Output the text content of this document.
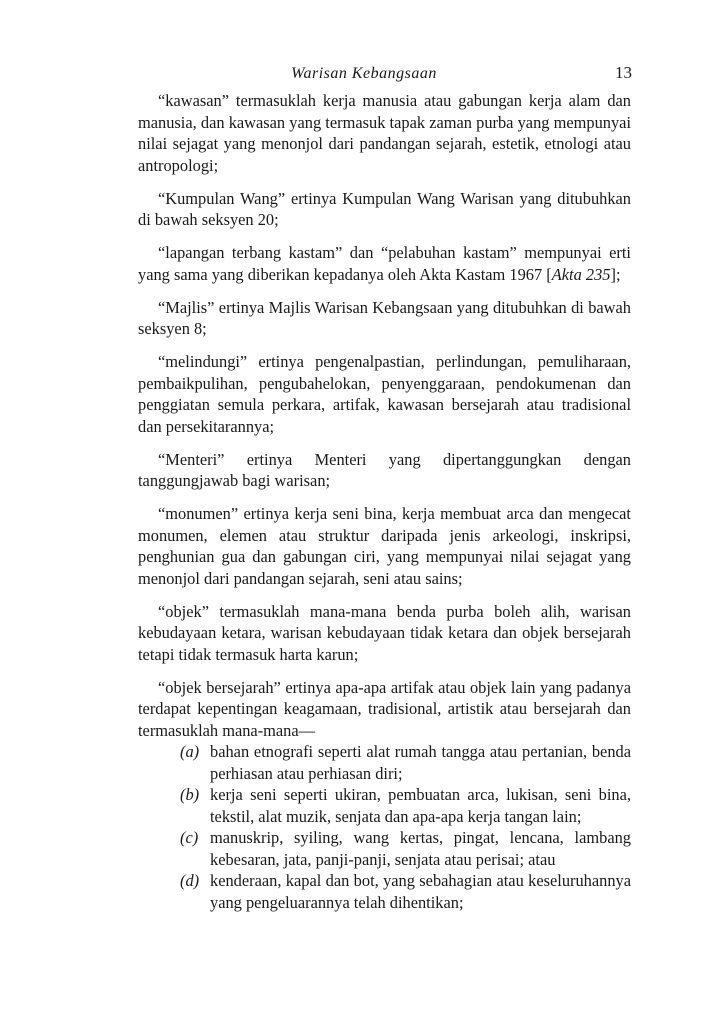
Warisan Kebangsaan	13

“kawasan” termasuklah kerja manusia atau gabungan kerja alam dan manusia, dan kawasan yang termasuk tapak zaman purba yang mempunyai nilai sejagat yang menonjol dari pandangan sejarah, estetik, etnologi atau antropologi;

“Kumpulan Wang” ertinya Kumpulan Wang Warisan yang ditubuhkan di bawah seksyen 20;

“lapangan terbang kastam” dan “pelabuhan kastam” mempunyai erti yang sama yang diberikan kepadanya oleh Akta Kastam 1967 [Akta 235];

“Majlis” ertinya Majlis Warisan Kebangsaan yang ditubuhkan di bawah seksyen 8;

“melindungi” ertinya pengenalpastian, perlindungan, pemuliharaan, pembaikpulihan, pengubahelokan, penyenggaraan, pendokumenan dan penggiatan semula perkara, artifak, kawasan bersejarah atau tradisional dan persekitarannya;

“Menteri” ertinya Menteri yang dipertanggungkan dengan tanggungjawab bagi warisan;

“monumen” ertinya kerja seni bina, kerja membuat arca dan mengecat monumen, elemen atau struktur daripada jenis arkeologi, inskripsi, penghunian gua dan gabungan ciri, yang mempunyai nilai sejagat yang menonjol dari pandangan sejarah, seni atau sains;

“objek” termasuklah mana-mana benda purba boleh alih, warisan kebudayaan ketara, warisan kebudayaan tidak ketara dan objek bersejarah tetapi tidak termasuk harta karun;

“objek bersejarah” ertinya apa-apa artifak atau objek lain yang padanya terdapat kepentingan keagamaan, tradisional, artistik atau bersejarah dan termasuklah mana-mana—

(a) bahan etnografi seperti alat rumah tangga atau pertanian, benda perhiasan atau perhiasan diri;
(b) kerja seni seperti ukiran, pembuatan arca, lukisan, seni bina, tekstil, alat muzik, senjata dan apa-apa kerja tangan lain;
(c) manuskrip, syiling, wang kertas, pingat, lencana, lambang kebesaran, jata, panji-panji, senjata atau perisai; atau
(d) kenderaan, kapal dan bot, yang sebahagian atau keseluruhannya yang pengeluarannya telah dihentikan;
